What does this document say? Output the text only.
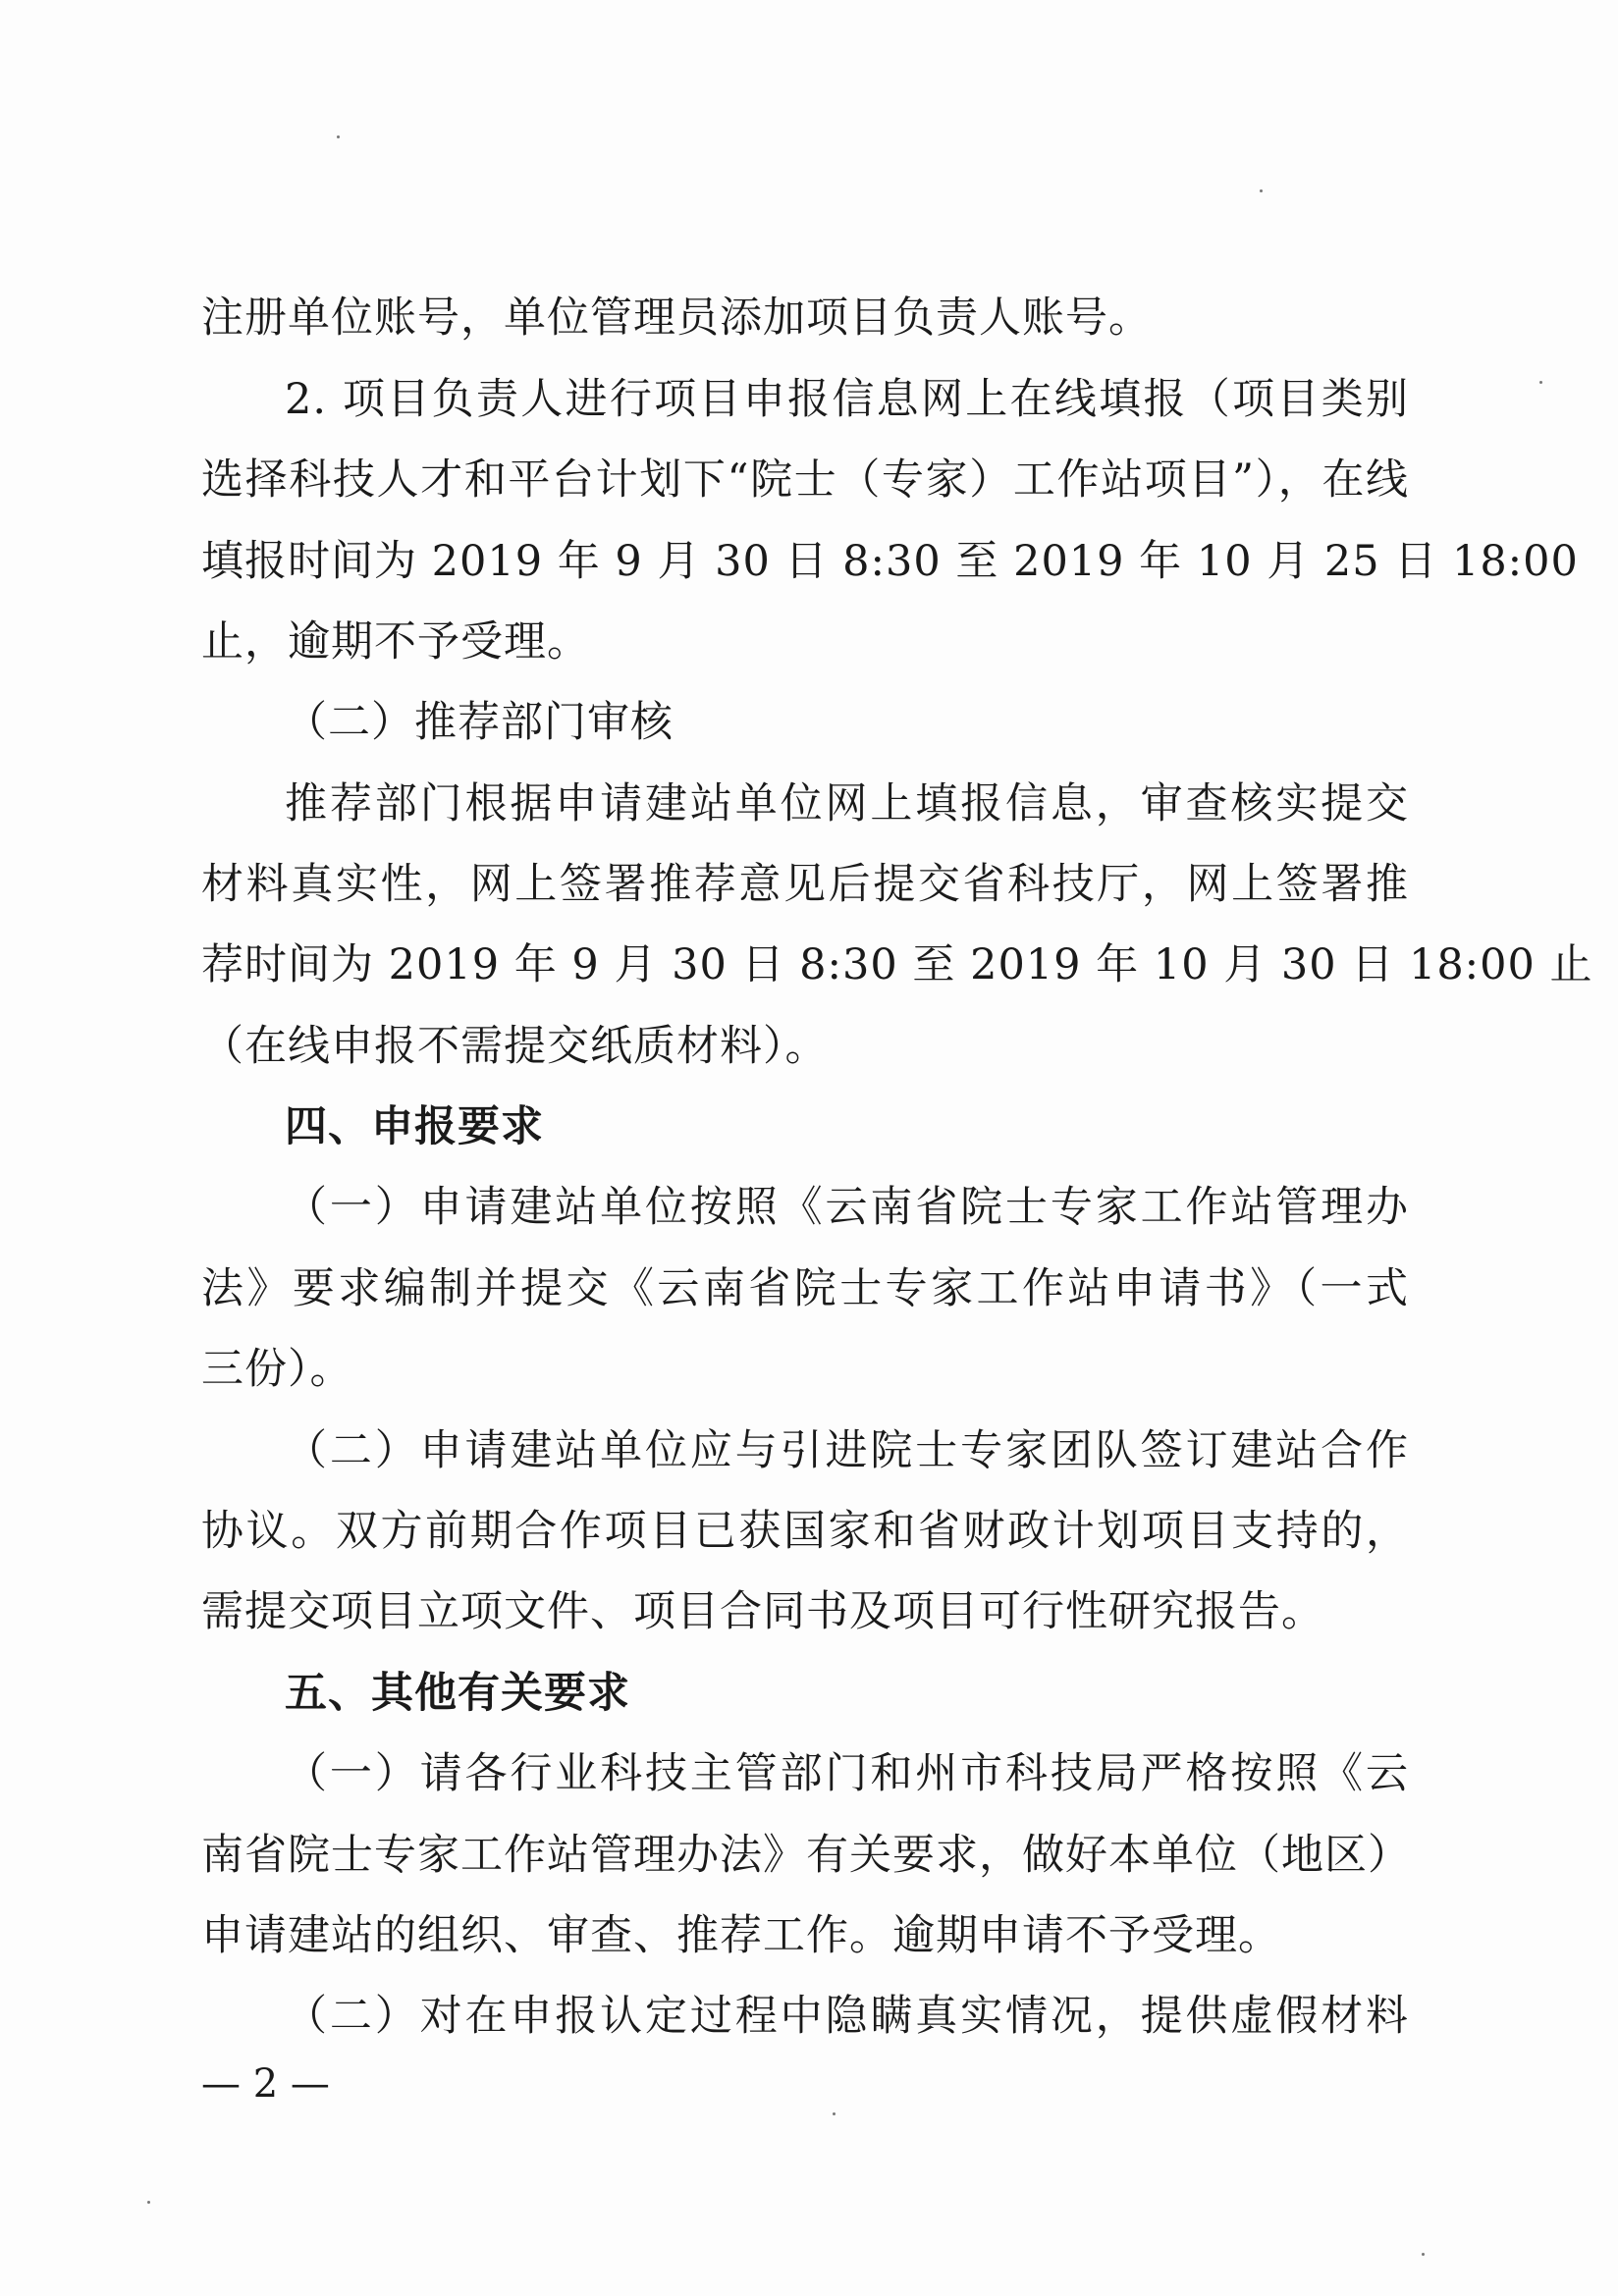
注册单位账号，单位管理员添加项目负责人账号。
2. 项目负责人进行项目申报信息网上在线填报（项目类别
选择科技人才和平台计划下“院士（专家）工作站项目”），在线
填报时间为 2019 年 9 月 30 日 8:30 至 2019 年 10 月 25 日 18:00
止，逾期不予受理。
（二）推荐部门审核
推荐部门根据申请建站单位网上填报信息，审查核实提交
材料真实性，网上签署推荐意见后提交省科技厅，网上签署推
荐时间为 2019 年 9 月 30 日 8:30 至 2019 年 10 月 30 日 18:00 止
（在线申报不需提交纸质材料）。
四、申报要求
（一）申请建站单位按照《云南省院士专家工作站管理办
法》要求编制并提交《云南省院士专家工作站申请书》（一式
三份）。
（二）申请建站单位应与引进院士专家团队签订建站合作
协议。双方前期合作项目已获国家和省财政计划项目支持的，
需提交项目立项文件、项目合同书及项目可行性研究报告。
五、其他有关要求
（一）请各行业科技主管部门和州市科技局严格按照《云
南省院士专家工作站管理办法》有关要求，做好本单位（地区）
申请建站的组织、审查、推荐工作。逾期申请不予受理。
（二）对在申报认定过程中隐瞒真实情况，提供虚假材料
— 2 —
